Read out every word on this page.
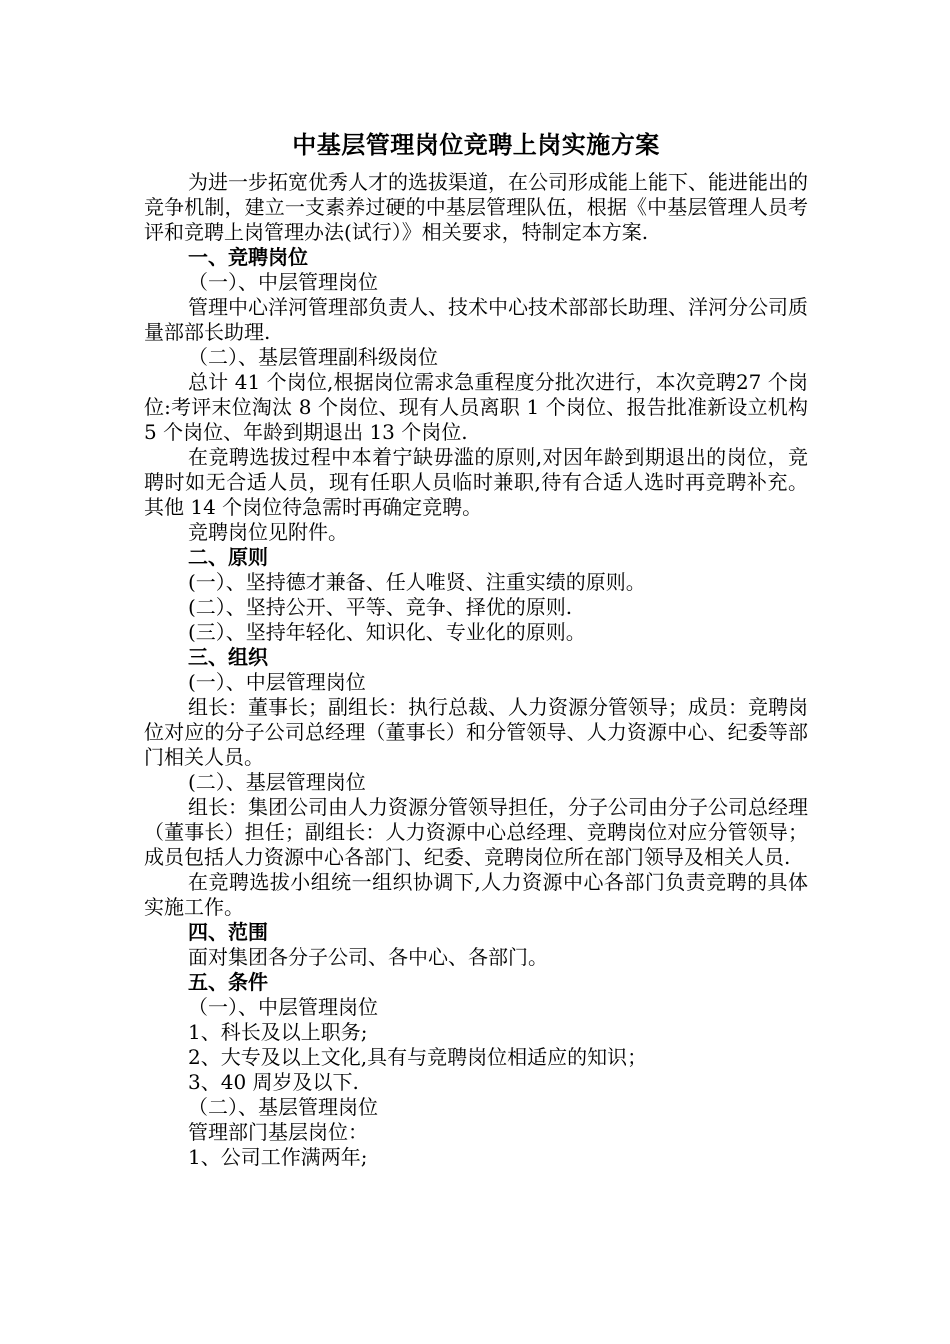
中基层管理岗位竞聘上岗实施方案

为进一步拓宽优秀人才的选拔渠道，在公司形成能上能下、能进能出的竞争机制，建立一支素养过硬的中基层管理队伍，根据《中基层管理人员考评和竞聘上岗管理办法(试行）》相关要求，特制定本方案.

一、竞聘岗位

（一）、中层管理岗位

管理中心洋河管理部负责人、技术中心技术部部长助理、洋河分公司质量部部长助理.

（二）、基层管理副科级岗位

总计 41 个岗位,根据岗位需求急重程度分批次进行，本次竞聘27 个岗位:考评末位淘汰 8 个岗位、现有人员离职 1 个岗位、报告批准新设立机构 5 个岗位、年龄到期退出 13 个岗位.

在竞聘选拔过程中本着宁缺毋滥的原则,对因年龄到期退出的岗位，竞聘时如无合适人员，现有任职人员临时兼职,待有合适人选时再竞聘补充。其他 14 个岗位待急需时再确定竞聘。

竞聘岗位见附件。

二、原则

(一）、坚持德才兼备、任人唯贤、注重实绩的原则。

(二）、坚持公开、平等、竞争、择优的原则.

(三）、坚持年轻化、知识化、专业化的原则。

三、组织

(一）、中层管理岗位

组长：董事长；副组长：执行总裁、人力资源分管领导；成员：竞聘岗位对应的分子公司总经理（董事长）和分管领导、人力资源中心、纪委等部门相关人员。

(二）、基层管理岗位

组长：集团公司由人力资源分管领导担任，分子公司由分子公司总经理（董事长）担任；副组长：人力资源中心总经理、竞聘岗位对应分管领导；成员包括人力资源中心各部门、纪委、竞聘岗位所在部门领导及相关人员.

在竞聘选拔小组统一组织协调下,人力资源中心各部门负责竞聘的具体实施工作。

四、范围

面对集团各分子公司、各中心、各部门。

五、条件

（一）、中层管理岗位

1、科长及以上职务;

2、大专及以上文化,具有与竞聘岗位相适应的知识；

3、40 周岁及以下.

（二）、基层管理岗位

管理部门基层岗位：

1、公司工作满两年;
